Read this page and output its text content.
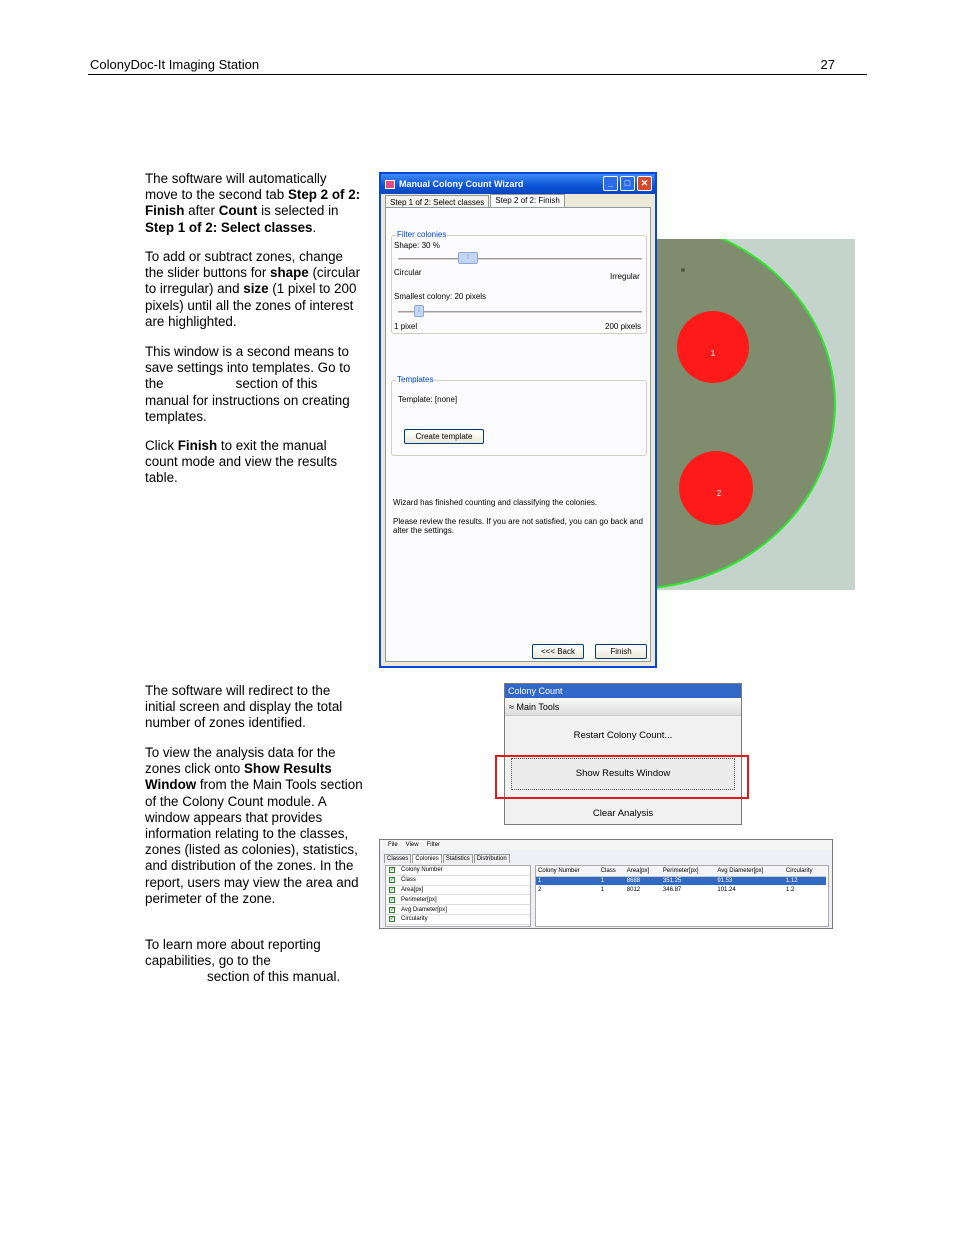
ColonyDoc-It Imaging Station	27
The software will automatically move to the second tab Step 2 of 2: Finish after Count is selected in Step 1 of 2: Select classes.
To add or subtract zones, change the slider buttons for shape (circular to irregular) and size (1 pixel to 200 pixels) until all the zones of interest are highlighted.
This window is a second means to save settings into templates. Go to the	section of this manual for instructions on creating templates.
Click Finish to exit the manual count mode and view the results table.
The software will redirect to the initial screen and display the total number of zones identified.
To view the analysis data for the zones click onto Show Results Window from the Main Tools section of the Colony Count module. A window appears that provides information relating to the classes, zones (listed as colonies), statistics, and distribution of the zones. In the report, users may view the area and perimeter of the zone.
To learn more about reporting capabilities, go to the
section of this manual.
1
2
Manual Colony Count Wizard	_	□	✕
Step 1 of 2: Select classes	Step 2 of 2: Finish
Filter colonies
Shape: 30 %
⁞
Circular	Irregular
Smallest colony: 20 pixels
⁞
1 pixel	200 pixels
Templates
Template: [none]
Create template
Wizard has finished counting and classifying the colonies.
Please review the results. If you are not satisfied, you can go back and
alter the settings.
<<< Back	Finish
Colony Count
≈ Main Tools
Restart Colony Count...
Show Results Window
Clear Analysis
File View Filter
Classes	Colonies	Statistics	Distribution
✓ Colony Number
✓ Class
✓ Area[px]
✓ Perimeter[px]
✓ Avg Diameter[px]
✓ Circularity
Colony Number	Class	Area[px]	Perimeter[px]	Avg Diameter[px]	Circularity
1	1	8688	351.25	91.53	1.12
2	1	8012	346.87	101.24	1.2
